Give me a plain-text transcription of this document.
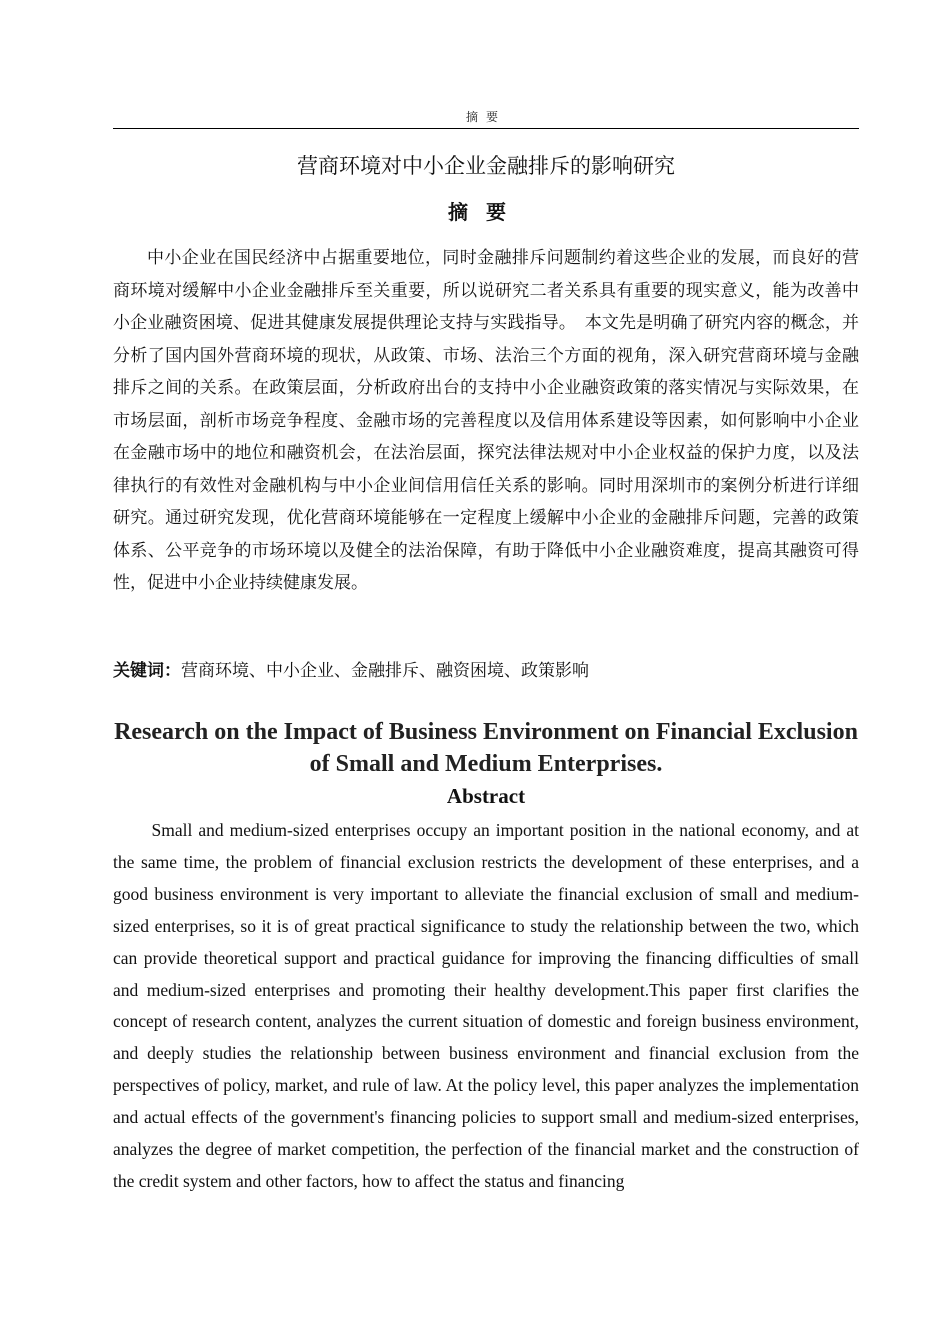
摘要
营商环境对中小企业金融排斥的影响研究
摘要

中小企业在国民经济中占据重要地位，同时金融排斥问题制约着这些企业的发展，而良好的营商环境对缓解中小企业金融排斥至关重要，所以说研究二者关系具有重要的现实意义，能为改善中小企业融资困境、促进其健康发展提供理论支持与实践指导。　本文先是明确了研究内容的概念，并分析了国内国外营商环境的现状，从政策、市场、法治三个方面的视角，深入研究营商环境与金融排斥之间的关系。在政策层面，分析政府出台的支持中小企业融资政策的落实情况与实际效果，在市场层面，剖析市场竞争程度、金融市场的完善程度以及信用体系建设等因素，如何影响中小企业在金融市场中的地位和融资机会，在法治层面，探究法律法规对中小企业权益的保护力度，以及法律执行的有效性对金融机构与中小企业间信用信任关系的影响。同时用深圳市的案例分析进行详细研究。通过研究发现，优化营商环境能够在一定程度上缓解中小企业的金融排斥问题，完善的政策体系、公平竞争的市场环境以及健全的法治保障，有助于降低中小企业融资难度，提高其融资可得性，促进中小企业持续健康发展。

关键词：营商环境、中小企业、金融排斥、融资困境、政策影响
Research on the Impact of Business Environment on Financial Exclusion of Small and Medium Enterprises.
Abstract

Small and medium-sized enterprises occupy an important position in the national economy, and at the same time, the problem of financial exclusion restricts the development of these enterprises, and a good business environment is very important to alleviate the financial exclusion of small and medium-sized enterprises, so it is of great practical significance to study the relationship between the two, which can provide theoretical support and practical guidance for improving the financing difficulties of small and medium-sized enterprises and promoting their healthy development.This paper first clarifies the concept of research content, analyzes the current situation of domestic and foreign business environment, and deeply studies the relationship between business environment and financial exclusion from the perspectives of policy, market, and rule of law. At the policy level, this paper analyzes the implementation and actual effects of the government's financing policies to support small and medium-sized enterprises, analyzes the degree of market competition, the perfection of the financial market and the construction of the credit system and other factors, how to affect the status and financing
